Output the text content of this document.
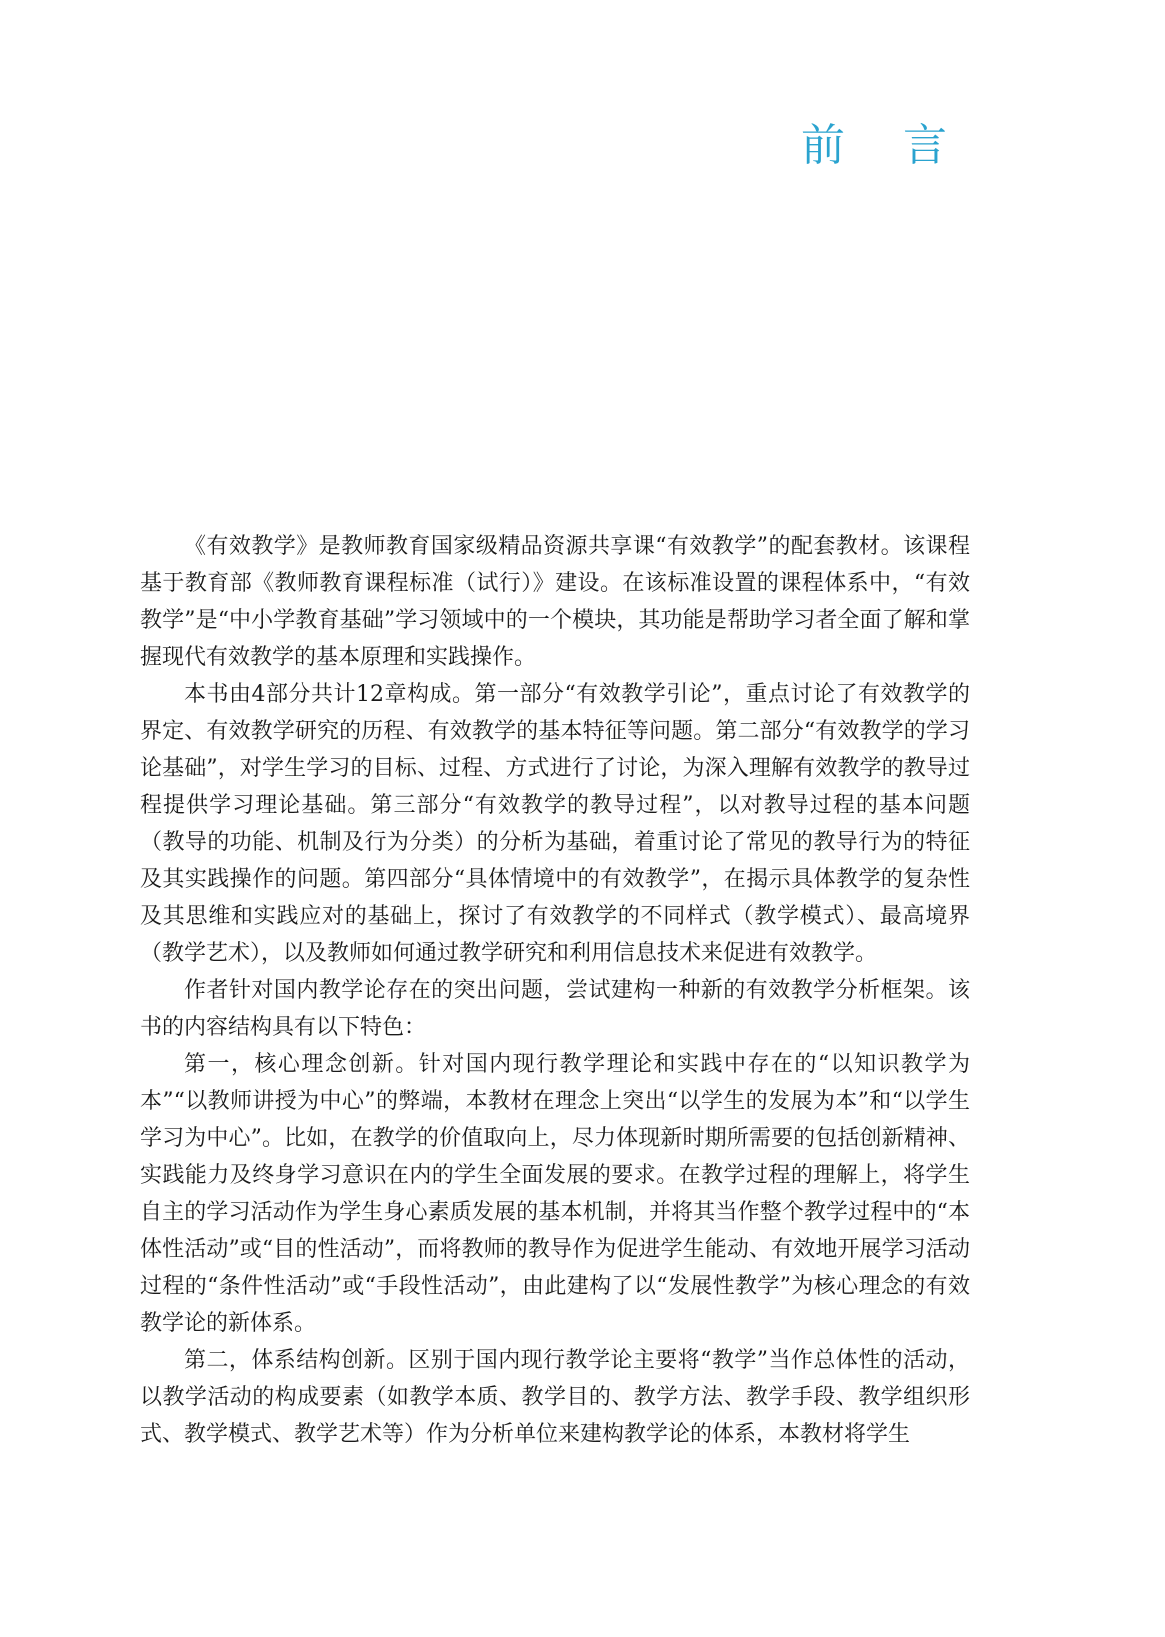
前 言

《有效教学》是教师教育国家级精品资源共享课“有效教学”的配套教材。该课程基于教育部《教师教育课程标准（试行）》建设。在该标准设置的课程体系中，“有效教学”是“中小学教育基础”学习领域中的一个模块，其功能是帮助学习者全面了解和掌握现代有效教学的基本原理和实践操作。

本书由4部分共计12章构成。第一部分“有效教学引论”，重点讨论了有效教学的界定、有效教学研究的历程、有效教学的基本特征等问题。第二部分“有效教学的学习论基础”，对学生学习的目标、过程、方式进行了讨论，为深入理解有效教学的教导过程提供学习理论基础。第三部分“有效教学的教导过程”，以对教导过程的基本问题（教导的功能、机制及行为分类）的分析为基础，着重讨论了常见的教导行为的特征及其实践操作的问题。第四部分“具体情境中的有效教学”，在揭示具体教学的复杂性及其思维和实践应对的基础上，探讨了有效教学的不同样式（教学模式）、最高境界（教学艺术），以及教师如何通过教学研究和利用信息技术来促进有效教学。

作者针对国内教学论存在的突出问题，尝试建构一种新的有效教学分析框架。该书的内容结构具有以下特色：

第一，核心理念创新。针对国内现行教学理论和实践中存在的“以知识教学为本”“以教师讲授为中心”的弊端，本教材在理念上突出“以学生的发展为本”和“以学生学习为中心”。比如，在教学的价值取向上，尽力体现新时期所需要的包括创新精神、实践能力及终身学习意识在内的学生全面发展的要求。在教学过程的理解上，将学生自主的学习活动作为学生身心素质发展的基本机制，并将其当作整个教学过程中的“本体性活动”或“目的性活动”，而将教师的教导作为促进学生能动、有效地开展学习活动过程的“条件性活动”或“手段性活动”，由此建构了以“发展性教学”为核心理念的有效教学论的新体系。

第二，体系结构创新。区别于国内现行教学论主要将“教学”当作总体性的活动，以教学活动的构成要素（如教学本质、教学目的、教学方法、教学手段、教学组织形式、教学模式、教学艺术等）作为分析单位来建构教学论的体系，本教材将学生
